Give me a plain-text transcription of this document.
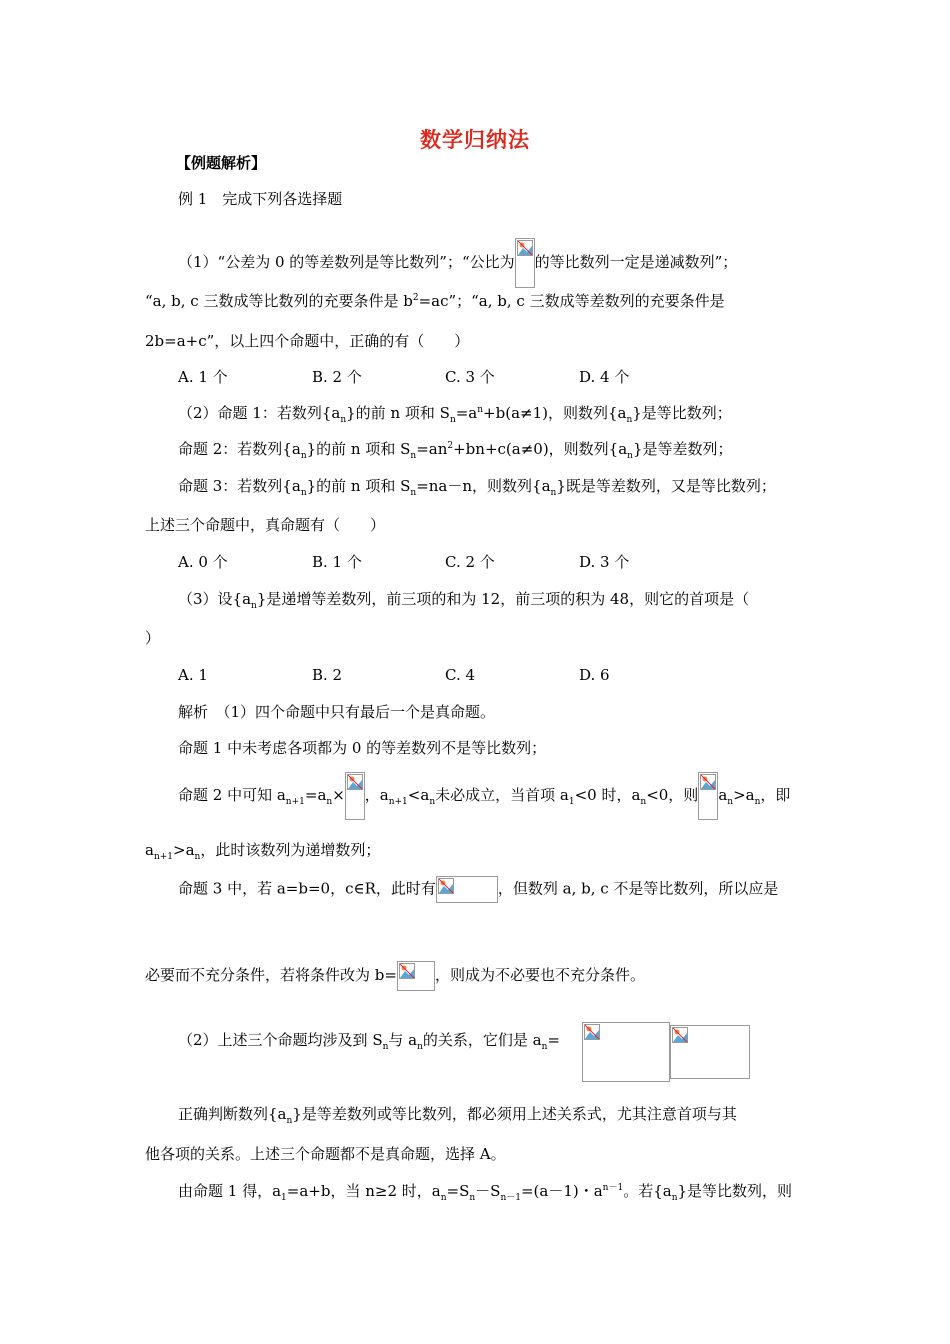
数学归纳法
【例题解析】
例 1　完成下列各选择题
（1）“公差为 0 的等差数列是等比数列”；“公比为 的等比数列一定是递减数列”；
“a, b, c 三数成等比数列的充要条件是 $b^2=ac$”；“a, b, c 三数成等差数列的充要条件是
2b=a+c”，以上四个命题中，正确的有（　　）
A. 1 个	B. 2 个	C. 3 个	D. 4 个
（2）命题 1：若数列$\{a_n\}$的前 n 项和 $S_n=a^n+b(a\ne 1)$，则数列$\{a_n\}$是等比数列；
命题 2：若数列$\{a_n\}$的前 n 项和 $S_n=an^2+bn+c(a\ne 0)$，则数列$\{a_n\}$是等差数列；
命题 3：若数列$\{a_n\}$的前 n 项和 $S_n=na-n$，则数列$\{a_n\}$既是等差数列，又是等比数列；
上述三个命题中，真命题有（　　）
A. 0 个	B. 1 个	C. 2 个	D. 3 个
（3）设$\{a_n\}$是递增等差数列，前三项的和为 12，前三项的积为 48，则它的首项是（
）
A. 1	B. 2	C. 4	D. 6
解析　（1）四个命题中只有最后一个是真命题。
命题 1 中未考虑各项都为 0 的等差数列不是等比数列；
命题 2 中可知 $a_{n+1}=a_n\times$ ，$a_{n+1}<a_n$未必成立，当首项 $a_1<0$ 时，$a_n<0$，则 $a_n>a_n$，即
$a_{n+1}>a_n$，此时该数列为递增数列；
命题 3 中，若 a=b=0，c∈R，此时有	，但数列 a, b, c 不是等比数列，所以应是
必要而不充分条件，若将条件改为 b=	，则成为不必要也不充分条件。
（2）上述三个命题均涉及到 $S_n$与 $a_n$的关系，它们是 $a_n=$
正确判断数列$\{a_n\}$是等差数列或等比数列，都必须用上述关系式，尤其注意首项与其
他各项的关系。上述三个命题都不是真命题，选择 A。
由命题 1 得，$a_1=a+b$，当 n≥2 时，$a_n=S_n-S_{n-1}=(a-1)$・$a^{n-1}$。若$\{a_n\}$是等比数列，则
